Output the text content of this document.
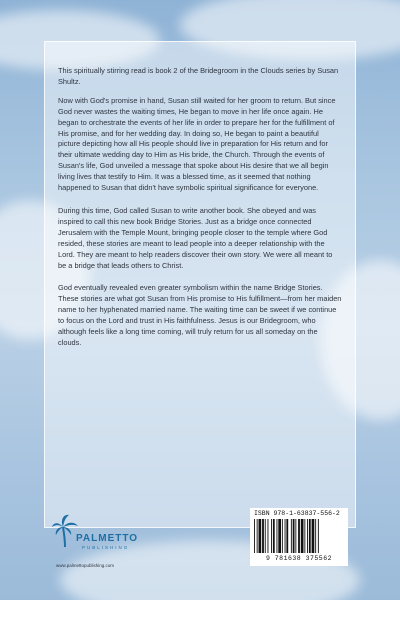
This spiritually stirring read is book 2 of the Bridegroom in the Clouds series by Susan Shultz.

Now with God's promise in hand, Susan still waited for her groom to return. But since God never wastes the waiting times, He began to move in her life once again. He began to orchestrate the events of her life in order to prepare her for the fulfillment of His promise, and for her wedding day. In doing so, He began to paint a beautiful picture depicting how all His people should live in preparation for His return and for their ultimate wedding day to Him as His bride, the Church. Through the events of Susan's life, God unveiled a message that spoke about His desire that we all begin living lives that testify to Him. It was a blessed time, as it seemed that nothing happened to Susan that didn't have symbolic spiritual significance for everyone.

During this time, God called Susan to write another book. She obeyed and was inspired to call this new book Bridge Stories. Just as a bridge once connected Jerusalem with the Temple Mount, bringing people closer to the temple where God resided, these stories are meant to lead people into a deeper relationship with the Lord. They are meant to help readers discover their own story. We were all meant to be a bridge that leads others to Christ.

God eventually revealed even greater symbolism within the name Bridge Stories. These stories are what got Susan from His promise to His fulfillment—from her maiden name to her hyphenated married name. The waiting time can be sweet if we continue to focus on the Lord and trust in His faithfulness. Jesus is our Bridegroom, who although feels like a long time coming, will truly return for us all someday on the clouds.

PALMETTO
PUBLISHING
www.palmettopublishing.com
ISBN 978-1-63837-556-2
9 781638 375562
